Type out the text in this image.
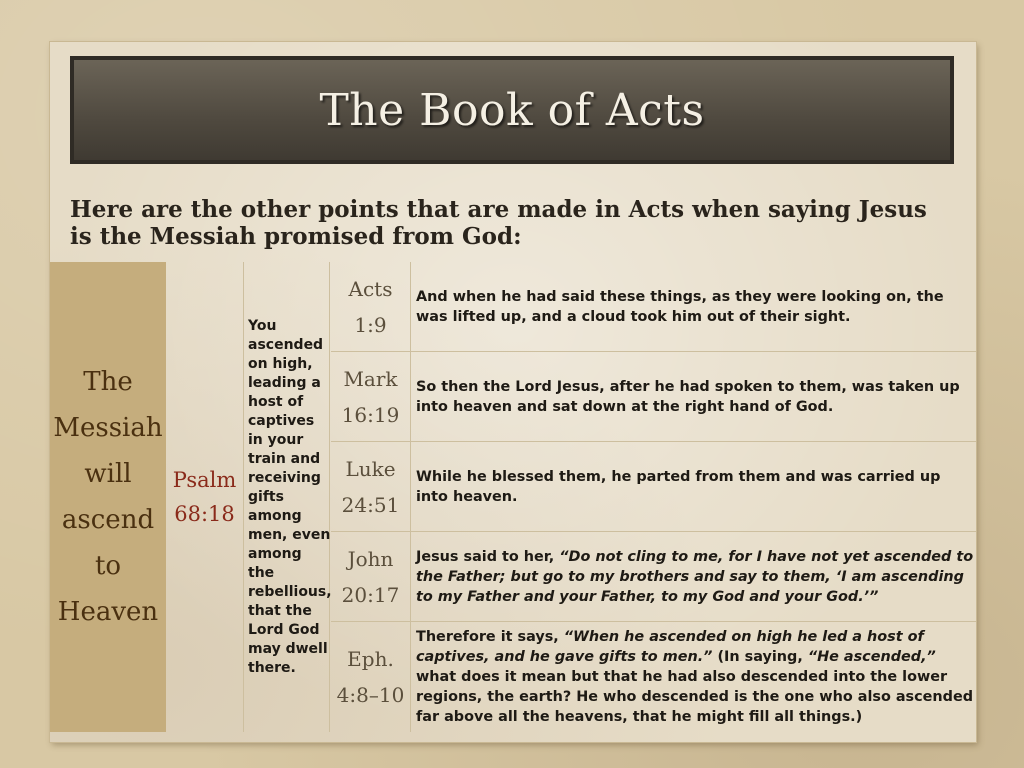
The Book of Acts
Here are the other points that are made in Acts when saying Jesus is the Messiah promised from God:
The Messiah will ascend to Heaven
Psalm 68:18
You ascended on high, leading a host of captives in your train and receiving gifts among men, even among the rebellious, that the Lord God may dwell there.
Acts 1:9
And when he had said these things, as they were looking on, the was lifted up, and a cloud took him out of their sight.
Mark 16:19
So then the Lord Jesus, after he had spoken to them, was taken up into heaven and sat down at the right hand of God.
Luke 24:51
While he blessed them, he parted from them and was carried up into heaven.
John 20:17
Jesus said to her, “Do not cling to me, for I have not yet ascended to the Father; but go to my brothers and say to them, ‘I am ascending to my Father and your Father, to my God and your God.’”
Eph. 4:8–10
Therefore it says, “When he ascended on high he led a host of captives, and he gave gifts to men.” (In saying, “He ascended,” what does it mean but that he had also descended into the lower regions, the earth? He who descended is the one who also ascended far above all the heavens, that he might fill all things.)
